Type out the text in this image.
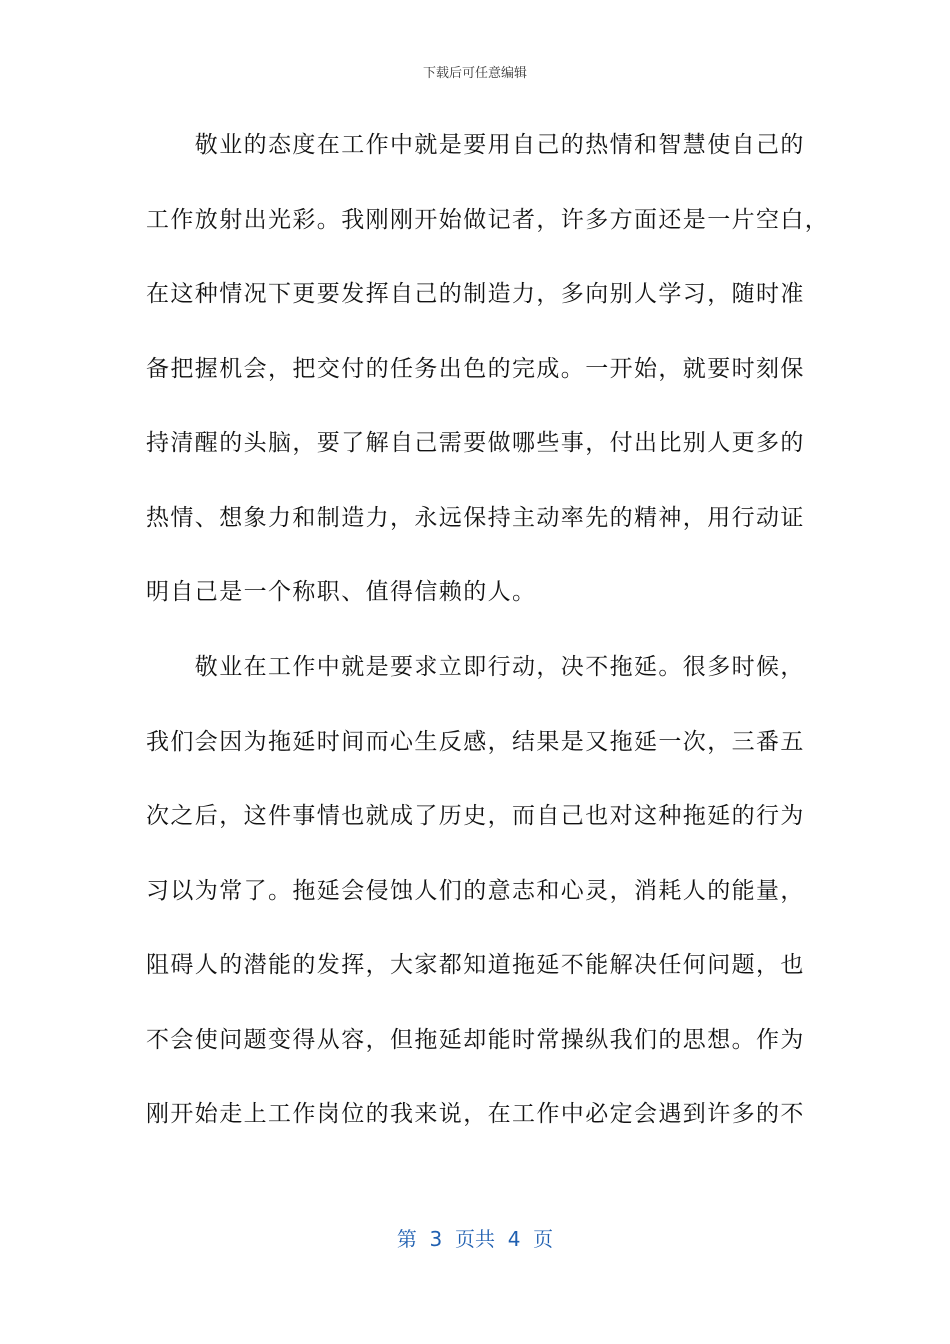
下载后可任意编辑
　　敬业的态度在工作中就是要用自己的热情和智慧使自己的
工作放射出光彩。我刚刚开始做记者，许多方面还是一片空白，
在这种情况下更要发挥自己的制造力，多向别人学习，随时准
备把握机会，把交付的任务出色的完成。一开始，就要时刻保
持清醒的头脑，要了解自己需要做哪些事，付出比别人更多的
热情、想象力和制造力，永远保持主动率先的精神，用行动证
明自己是一个称职、值得信赖的人。
　　敬业在工作中就是要求立即行动，决不拖延。很多时候，
我们会因为拖延时间而心生反感，结果是又拖延一次，三番五
次之后，这件事情也就成了历史，而自己也对这种拖延的行为
习以为常了。拖延会侵蚀人们的意志和心灵，消耗人的能量，
阻碍人的潜能的发挥，大家都知道拖延不能解决任何问题，也
不会使问题变得从容，但拖延却能时常操纵我们的思想。作为
刚开始走上工作岗位的我来说，在工作中必定会遇到许多的不
第  3  页共  4  页
